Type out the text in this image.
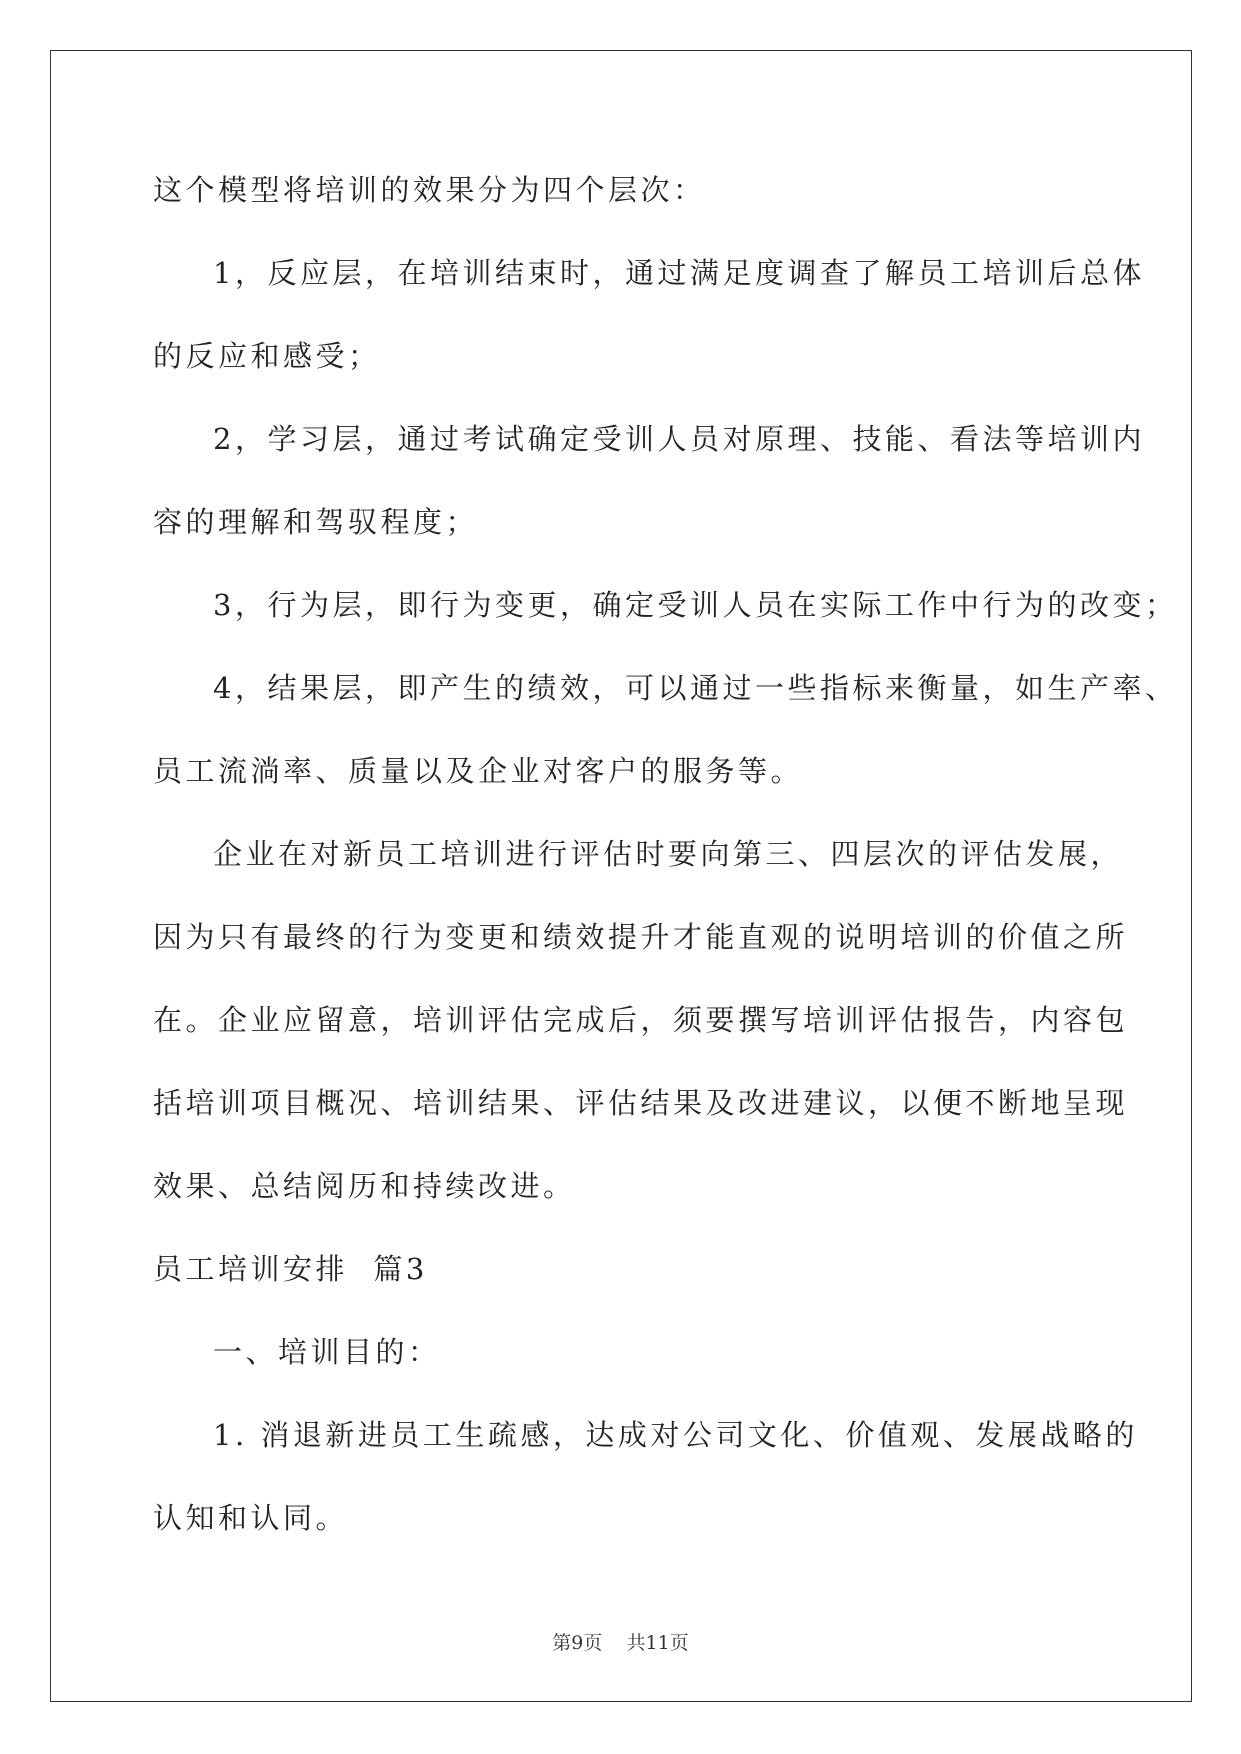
这个模型将培训的效果分为四个层次：
1，反应层，在培训结束时，通过满足度调查了解员工培训后总体
的反应和感受；
2，学习层，通过考试确定受训人员对原理、技能、看法等培训内
容的理解和驾驭程度；
3，行为层，即行为变更，确定受训人员在实际工作中行为的改变；
4，结果层，即产生的绩效，可以通过一些指标来衡量，如生产率、
员工流淌率、质量以及企业对客户的服务等。
企业在对新员工培训进行评估时要向第三、四层次的评估发展，
因为只有最终的行为变更和绩效提升才能直观的说明培训的价值之所
在。企业应留意，培训评估完成后，须要撰写培训评估报告，内容包
括培训项目概况、培训结果、评估结果及改进建议，以便不断地呈现
效果、总结阅历和持续改进。
员工培训安排  篇3
一、培训目的：
1. 消退新进员工生疏感，达成对公司文化、价值观、发展战略的
认知和认同。
第9页    共11页
